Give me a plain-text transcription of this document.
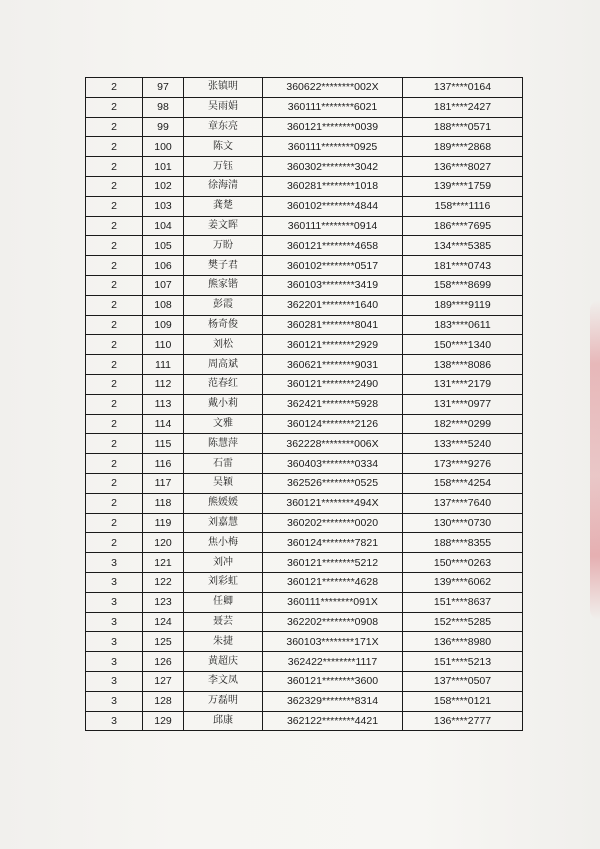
2	97	张镇明	360622********002X	137****0164
2	98	吴雨娟	360111********6021	181****2427
2	99	章东亮	360121********0039	188****0571
2	100	陈文	360111********0925	189****2868
2	101	万钰	360302********3042	136****8027
2	102	徐海清	360281********1018	139****1759
2	103	龚楚	360102********4844	158****1116
2	104	姜文晖	360111********0914	186****7695
2	105	万盼	360121********4658	134****5385
2	106	樊子君	360102********0517	181****0743
2	107	熊家锴	360103********3419	158****8699
2	108	彭霞	362201********1640	189****9119
2	109	杨奇俊	360281********8041	183****0611
2	110	刘松	360121********2929	150****1340
2	111	周高斌	360621********9031	138****8086
2	112	范春红	360121********2490	131****2179
2	113	戴小莉	362421********5928	131****0977
2	114	文雅	360124********2126	182****0299
2	115	陈慧萍	362228********006X	133****5240
2	116	石雷	360403********0334	173****9276
2	117	吴颖	362526********0525	158****4254
2	118	熊媛媛	360121********494X	137****7640
2	119	刘嘉慧	360202********0020	130****0730
2	120	焦小梅	360124********7821	188****8355
3	121	刘冲	360121********5212	150****0263
3	122	刘彩虹	360121********4628	139****6062
3	123	任卿	360111********091X	151****8637
3	124	聂芸	362202********0908	152****5285
3	125	朱捷	360103********171X	136****8980
3	126	黄超庆	362422********1117	151****5213
3	127	李文凤	360121********3600	137****0507
3	128	万磊明	362329********8314	158****0121
3	129	邱康	362122********4421	136****2777
